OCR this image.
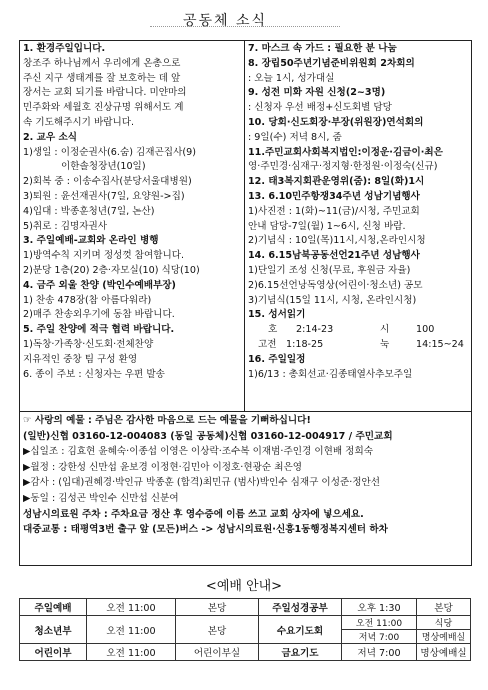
공동체 소식
1. 환경주일입니다.
창조주 하나님께서 우리에게 온총으로
주신 지구 생태계를 잘 보호하는 데 앞
장서는 교회 되기를 바랍니다. 미얀마의
민주화와 세월호 진상규명 위해서도 계
속 기도해주시기 바랍니다.
2. 교우 소식
1)생일 : 이정순권사(6.숨) 김재곤집사(9)
이한솔청장년(10일)
2)회복 중 : 이송수집사(분당서울대병원)
3)퇴원 : 윤선재권사(7일, 요양원->집)
4)입대 : 박종훈청년(7일, 논산)
5)취로 : 김명자권사
3. 주일예배-교회와 온라인 병행
1)방역수칙 지키며 정성껏 참여합니다.
2)분당 1층(20) 2층·자모실(10) 식당(10)
4. 금주 외울 찬양 (박인수예배부장)
1) 찬송 478장(참 아름다워라)
2)매주 찬송외우기에 동참 바랍니다.
5. 주일 찬양에 적극 협력 바랍니다.
1)독창·가족창·신도회·전체찬양
지유적인 중창 팀 구성 환영
6. 종이 주보 : 신청자는 우편 발송
7. 마스크 속 가드 : 필요한 분 나눔
8. 장립50주년기념준비위원회 2차회의
: 오늘 1시, 성가대실
9. 성전 미화 자원 신청(2~3명)
: 신청자 우선 배정+신도회별 담당
10. 당회·신도회장·부장(위원장)연석회의
: 9일(수) 저녁 8시, 줌
11.주민교회사회복지법인:이정운·김금이·최은
영·주민경·심재구·정지형·한정원·이정숙(신규)
12. 태3복지회관운영위(줌): 8일(화)1시
13. 6.10민주항쟁34주년 성남기념행사
1)사진전 : 1(화)~11(금)/시청, 주민교회
안내 담당-7일(월) 1~6시, 신청 바람.
2)기념식 : 10일(목)11시,시청,온라인시청
14. 6.15남북공동선언21주년 성남행사
1)단일기 조성 신청(무료, 후원금 자율)
2)6.15선언낭독영상(어린이·청소년) 공모
3)기념식(15일 11시, 시청, 온라인시청)
15. 성서읽기
호	2:14-23	시	100
고전 1:18-25	눅	14:15~24
16. 주일일정
1)6/13 : 총회선교·김종태열사추모주일
☞ 사랑의 예물 : 주님은 감사한 마음으로 드는 예물을 기뻐하십니다!
(일반)신협 03160-12-004083 (동일 공동체)신협 03160-12-004917 / 주민교회
▶십일조 : 김효현 윤혜숙·이종섭 이영은 이상락·조수복 이재범·주인경 이현배 정희숙
▶월정 : 강한성 신만섭 윤보경 이정현·김민아 이정호·현광순 최은영
▶감사 : (입대)권혜경·박인규 박종훈 (합격)최민규 (범사)박인수 심재구 이성준·정안선
▶동일 : 김성곤 박인수 신만섭 신분여
성남시의료원 주차 : 주차요금 정산 후 영수증에 이름 쓰고 교회 상자에 넣으세요.
대중교통 : 태평역3번 출구 앞 (모든)버스 -> 성남시의료원·신흥1동행정복지센터 하차
<예배 안내>
주일예배	오전 11:00	본당	주일성경공부	오후 1:30	본당
청소년부	오전 11:00	본당	수요기도회	오전 11:00	식당
				저녁 7:00	명상예배실
어린이부	오전 11:00	어린이부실	금요기도	저녁 7:00	명상예배실
